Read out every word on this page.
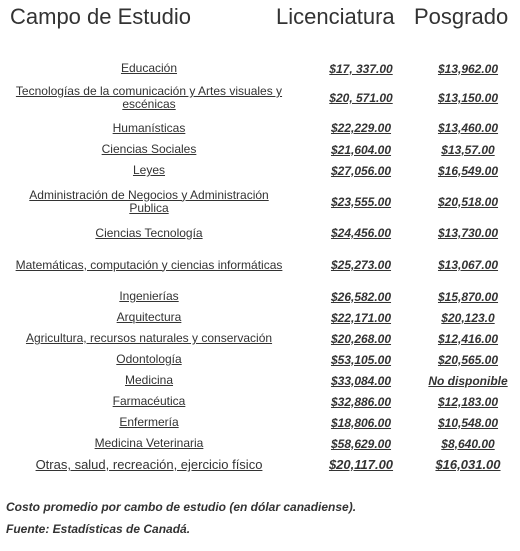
Campo de Estudio	Licenciatura Posgrado
Educación	$17, 337.00	$13,962.00
Tecnologías de la comunicación y Artes visuales y escénicas	$20, 571.00	$13,150.00
Humanísticas	$22,229.00	$13,460.00
Ciencias Sociales	$21,604.00	$13,57.00
Leyes	$27,056.00	$16,549.00
Administración de Negocios y Administración Publica	$23,555.00	$20,518.00
Ciencias Tecnología	$24,456.00	$13,730.00
Matemáticas, computación y ciencias informáticas	$25,273.00	$13,067.00
Ingenierías	$26,582.00	$15,870.00
Arquitectura	$22,171.00	$20,123.0
Agricultura, recursos naturales y conservación	$20,268.00	$12,416.00
Odontología	$53,105.00	$20,565.00
Medicina	$33,084.00	No disponible
Farmacéutica	$32,886.00	$12,183.00
Enfermería	$18,806.00	$10,548.00
Medicina Veterinaria	$58,629.00	$8,640.00
Otras, salud, recreación, ejercicio físico	$20,117.00	$16,031.00
Costo promedio por cambo de estudio (en dólar canadiense).
Fuente: Estadísticas de Canadá.
